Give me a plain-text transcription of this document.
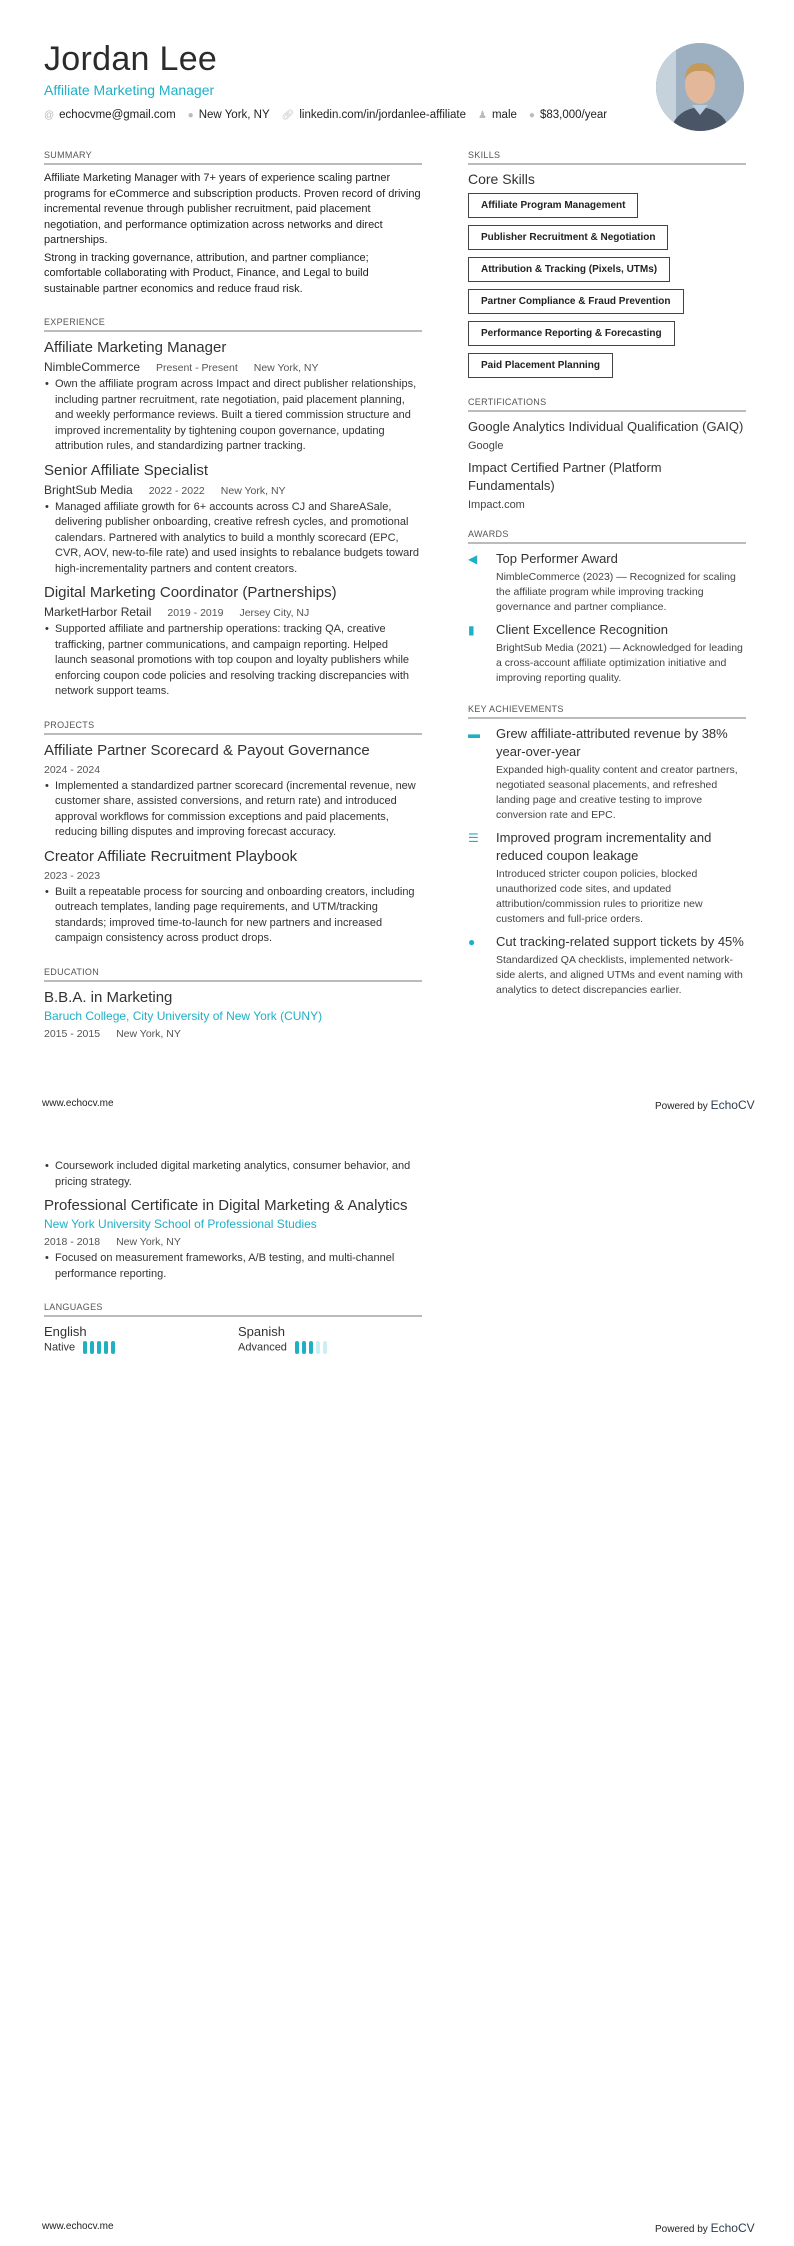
Jordan Lee
Affiliate Marketing Manager
@ echocvme@gmail.com ● New York, NY 🔗︎ linkedin.com/in/jordanlee-affiliate ♟ male ● $83,000/year
SUMMARY

Affiliate Marketing Manager with 7+ years of experience scaling partner programs for eCommerce and subscription products. Proven record of driving incremental revenue through publisher recruitment, paid placement negotiation, and performance optimization across networks and direct partnerships.

Strong in tracking governance, attribution, and partner compliance; comfortable collaborating with Product, Finance, and Legal to build sustainable partner economics and reduce fraud risk.

EXPERIENCE
Affiliate Marketing Manager
NimbleCommerce Present - Present New York, NY
• Own the affiliate program across Impact and direct publisher relationships, including partner recruitment, rate negotiation, paid placement planning, and weekly performance reviews. Built a tiered commission structure and improved incrementality by tightening coupon governance, updating attribution rules, and standardizing partner tracking.
Senior Affiliate Specialist
BrightSub Media 2022 - 2022 New York, NY
• Managed affiliate growth for 6+ accounts across CJ and ShareASale, delivering publisher onboarding, creative refresh cycles, and promotional calendars. Partnered with analytics to build a monthly scorecard (EPC, CVR, AOV, new-to-file rate) and used insights to rebalance budgets toward high-incrementality partners and content creators.
Digital Marketing Coordinator (Partnerships)
MarketHarbor Retail 2019 - 2019 Jersey City, NJ
• Supported affiliate and partnership operations: tracking QA, creative trafficking, partner communications, and campaign reporting. Helped launch seasonal promotions with top coupon and loyalty publishers while enforcing coupon code policies and resolving tracking discrepancies with network support teams.
PROJECTS
Affiliate Partner Scorecard & Payout Governance
2024 - 2024
• Implemented a standardized partner scorecard (incremental revenue, new customer share, assisted conversions, and return rate) and introduced approval workflows for commission exceptions and paid placements, reducing billing disputes and improving forecast accuracy.
Creator Affiliate Recruitment Playbook
2023 - 2023
• Built a repeatable process for sourcing and onboarding creators, including outreach templates, landing page requirements, and UTM/tracking standards; improved time-to-launch for new partners and increased campaign consistency across product drops.
EDUCATION
B.B.A. in Marketing
Baruch College, City University of New York (CUNY)
2015 - 2015 New York, NY
SKILLS
Core Skills
Affiliate Program Management
Publisher Recruitment & Negotiation
Attribution & Tracking (Pixels, UTMs)
Partner Compliance & Fraud Prevention
Performance Reporting & Forecasting
Paid Placement Planning
CERTIFICATIONS
Google Analytics Individual Qualification (GAIQ)
Google
Impact Certified Partner (Platform Fundamentals)
Impact.com
AWARDS
◀	Top Performer Award
NimbleCommerce (2023) — Recognized for scaling the affiliate program while improving tracking governance and partner compliance.
▮	Client Excellence Recognition
BrightSub Media (2021) — Acknowledged for leading a cross-account affiliate optimization initiative and improving reporting quality.
KEY ACHIEVEMENTS
▬ Grew affiliate-attributed revenue by 38% year-over-year
Expanded high-quality content and creator partners, negotiated seasonal placements, and refreshed landing page and creative testing to improve conversion rate and EPC.
☰ Improved program incrementality and reduced coupon leakage
Introduced stricter coupon policies, blocked unauthorized code sites, and updated attribution/commission rules to prioritize new customers and full-price orders.
●	Cut tracking-related support tickets by 45%
Standardized QA checklists, implemented network-side alerts, and aligned UTMs and event naming with analytics to detect discrepancies earlier.
www.echocv.me	Powered by EchoCV
• Coursework included digital marketing analytics, consumer behavior, and pricing strategy.
Professional Certificate in Digital Marketing & Analytics
New York University School of Professional Studies
2018 - 2018 New York, NY
• Focused on measurement frameworks, A/B testing, and multi-channel performance reporting.
LANGUAGES
English
Native
Spanish
Advanced
www.echocv.me	Powered by EchoCV
